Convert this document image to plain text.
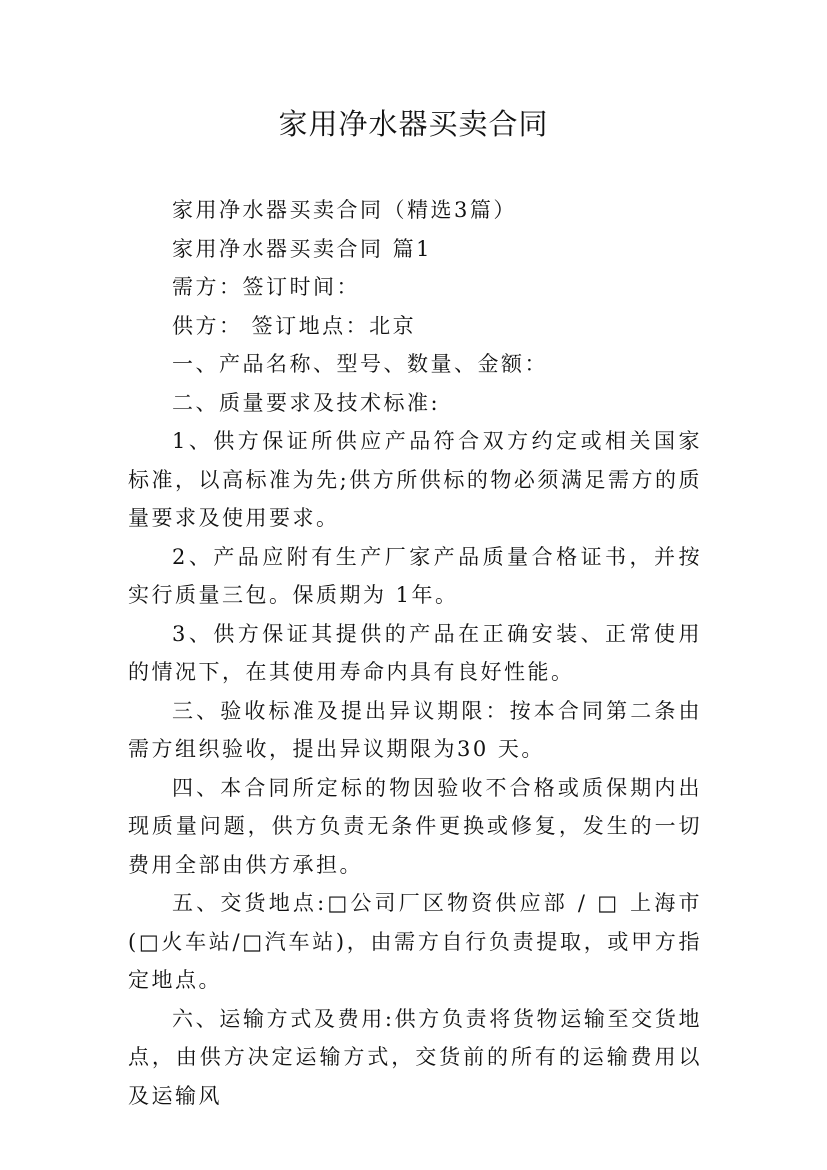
家用净水器买卖合同

家用净水器买卖合同（精选3篇）

家用净水器买卖合同 篇1

需方：签订时间：

供方： 签订地点：北京

一、产品名称、型号、数量、金额：

二、质量要求及技术标准:

1、供方保证所供应产品符合双方约定或相关国家标准，以高标准为先;供方所供标的物必须满足需方的质量要求及使用要求。

2、产品应附有生产厂家产品质量合格证书，并按实行质量三包。保质期为 1年。

3、供方保证其提供的产品在正确安装、正常使用的情况下，在其使用寿命内具有良好性能。

三、验收标准及提出异议期限：按本合同第二条由需方组织验收，提出异议期限为30 天。

四、本合同所定标的物因验收不合格或质保期内出现质量问题，供方负责无条件更换或修复，发生的一切费用全部由供方承担。

五、交货地点:□公司厂区物资供应部 / □ 上海市(□火车站/□汽车站)，由需方自行负责提取，或甲方指定地点。

六、运输方式及费用:供方负责将货物运输至交货地点，由供方决定运输方式，交货前的所有的运输费用以及运输风
